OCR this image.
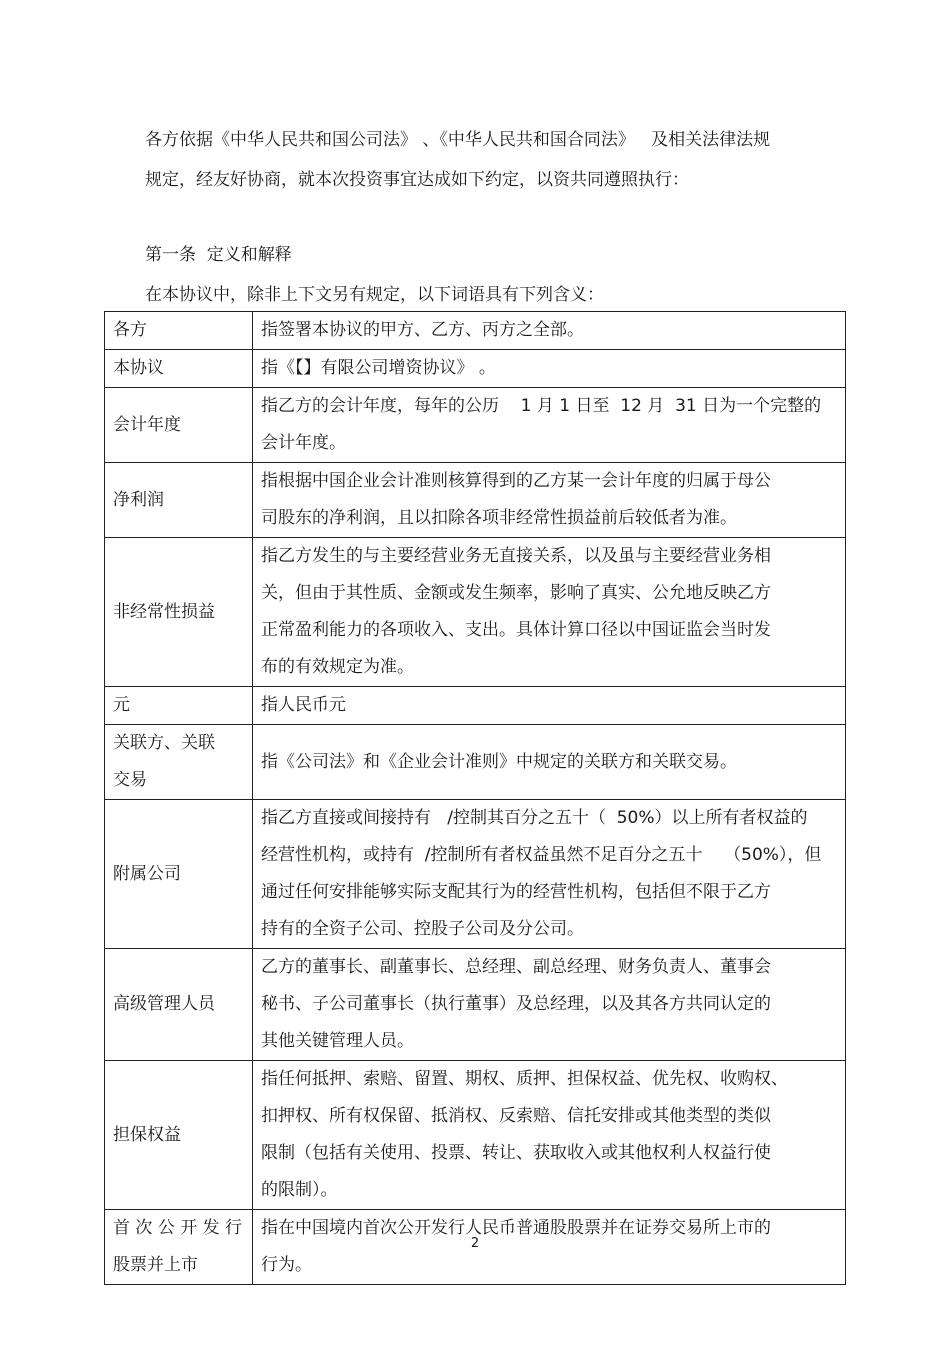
各方依据《中华人民共和国公司法》 、《中华人民共和国合同法》   及相关法律法规
规定，经友好协商，就本次投资事宜达成如下约定，以资共同遵照执行：
第一条  定义和解释
在本协议中，除非上下文另有规定，以下词语具有下列含义：
各方	指签署本协议的甲方、乙方、丙方之全部。

本协议	指《【】有限公司增资协议》 。

会计年度	指乙方的会计年度，每年的公历    1 月 1 日至  12 月  31 日为一个完整的
会计年度。

净利润	指根据中国企业会计准则核算得到的乙方某一会计年度的归属于母公
司股东的净利润，且以扣除各项非经常性损益前后较低者为准。

非经常性损益	指乙方发生的与主要经营业务无直接关系，以及虽与主要经营业务相
关，但由于其性质、金额或发生频率，影响了真实、公允地反映乙方
正常盈利能力的各项收入、支出。具体计算口径以中国证监会当时发
布的有效规定为准。

元	指人民币元

关联方、关联
交易	指《公司法》和《企业会计准则》中规定的关联方和关联交易。

附属公司	指乙方直接或间接持有   /控制其百分之五十（  50%）以上所有者权益的
经营性机构，或持有  /控制所有者权益虽然不足百分之五十    （50%），但
通过任何安排能够实际支配其行为的经营性机构，包括但不限于乙方
持有的全资子公司、控股子公司及分公司。

高级管理人员	乙方的董事长、副董事长、总经理、副总经理、财务负责人、董事会
秘书、子公司董事长（执行董事）及总经理，以及其各方共同认定的
其他关键管理人员。

担保权益	指任何抵押、索赔、留置、期权、质押、担保权益、优先权、收购权、
扣押权、所有权保留、抵消权、反索赔、信托安排或其他类型的类似
限制（包括有关使用、投票、转让、获取收入或其他权利人权益行使
的限制）。

首 次 公 开 发 行
股票并上市	指在中国境内首次公开发行人民币普通股股票并在证券交易所上市的
行为。
2
